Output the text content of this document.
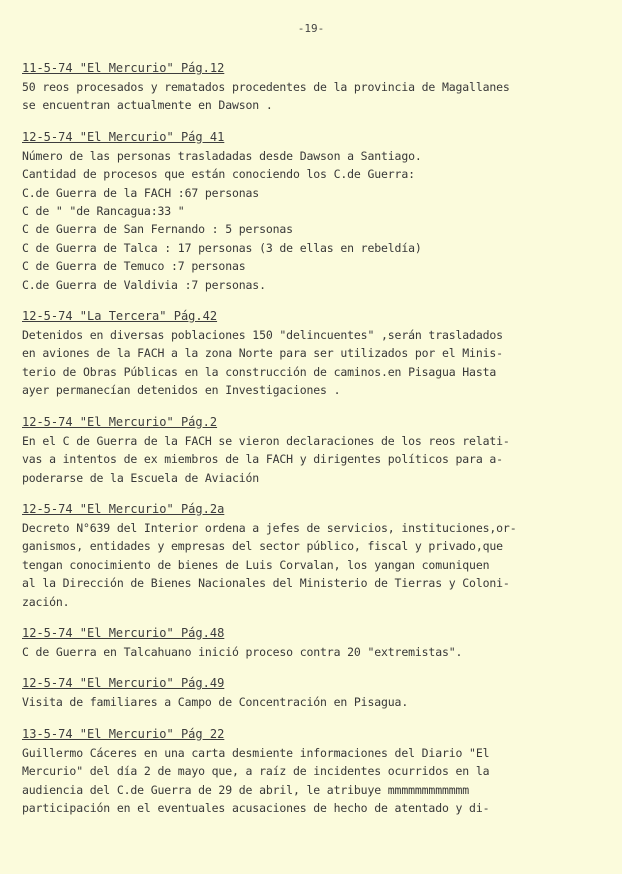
-19-

11-5-74 "El Mercurio" Pág.12

50 reos procesados y rematados procedentes de la provincia de Magallanes

se encuentran actualmente en Dawson .

12-5-74 "El Mercurio" Pág 41

Número de las personas trasladadas desde Dawson a Santiago.

Cantidad de procesos que están conociendo los C.de Guerra:

C.de Guerra de la FACH :67 personas

C de " "de Rancagua:33 "

C de Guerra de San Fernando : 5 personas

C de Guerra de Talca : 17 personas (3 de ellas en rebeldía)

C de Guerra de Temuco :7 personas

C.de Guerra de Valdivia :7 personas.

12-5-74 "La Tercera" Pág.42

Detenidos en diversas poblaciones 150 "delincuentes" ,serán trasladados

en aviones de la FACH a la zona Norte para ser utilizados por el Minis-

terio de Obras Públicas en la construcción de caminos.en Pisagua Hasta

ayer permanecían detenidos en Investigaciones .

12-5-74 "El Mercurio" Pág.2

En el C de Guerra de la FACH se vieron declaraciones de los reos relati-

vas a intentos de ex miembros de la FACH y dirigentes políticos para a-

poderarse de la Escuela de Aviación

12-5-74 "El Mercurio" Pág.2a

Decreto N°639 del Interior ordena a jefes de servicios, instituciones,or-

ganismos, entidades y empresas del sector público, fiscal y privado,que

tengan conocimiento de bienes de Luis Corvalan, los yangan comuniquen

al la Dirección de Bienes Nacionales del Ministerio de Tierras y Coloni-

zación.

12-5-74 "El Mercurio" Pág.48

C de Guerra en Talcahuano inició proceso contra 20 "extremistas".

12-5-74 "El Mercurio" Pág.49

Visita de familiares a Campo de Concentración en Pisagua.

13-5-74 "El Mercurio" Pág 22

Guillermo Cáceres en una carta desmiente informaciones del Diario "El

Mercurio" del día 2 de mayo que, a raíz de incidentes ocurridos en la

audiencia del C.de Guerra de 29 de abril, le atribuye mmmmmmmmmmmm

participación en el eventuales acusaciones de hecho de atentado y di-
